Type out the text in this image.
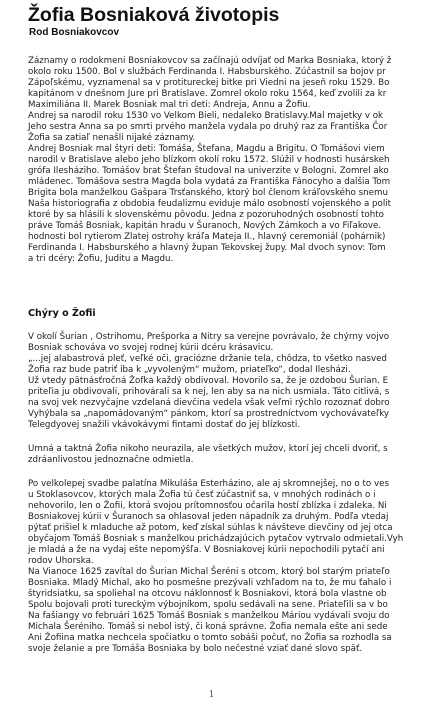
Žofia Bosniaková životopis
Rod Bosniakovcov
Záznamy o rodokmeni Bosniakovcov sa začínajú odvíjať od Marka Bosniaka, ktorý ž
okolo roku 1500. Bol v službách Ferdinanda I. Habsburského. Zúčastnil sa bojov pr
Zápoľskému, vyznamenal sa v protitureckej bitke pri Viedni na jeseň roku 1529. Bo
kapitánom v dnešnom Jure pri Bratislave. Zomrel okolo roku 1564, keď zvolili za kr
Maximiliána II. Marek Bosniak mal tri deti: Andreja, Annu a Žofiu.
Andrej sa narodil roku 1530 vo Velkom Bieli, nedaleko Bratislavy.Mal majetky v ok
Jeho sestra Anna sa po smrti prvého manžela vydala po druhý raz za Františka Čor
Žofia sa zatiaľ nenašli nijaké záznamy.
Andrej Bosniak mal štyri deti: Tomáša, Štefana, Magdu a Brigitu. O Tomášovi viem
narodil v Bratislave alebo jeho blízkom okolí roku 1572. Slúžil v hodnosti husárskeh
grófa Ilesháziho. Tomášov brat Štefan študoval na univerzite v Bologni. Zomrel ako
mládenec. Tomášova sestra Magda bola vydatá za Františka Fánocyho a dalšia Tom
Brigita bola manželkou Gašpara Trsťanského, ktorý bol členom kráľovského snemu
Naša historiografia z obdobia feudalizmu eviduje málo osobností vojenského a polit
ktoré by sa hlásili k slovenskému pôvodu. Jedna z pozoruhodných osobností tohto
práve Tomáš Bosniak, kapitán hradu v Šuranoch, Nových Zámkoch a vo Fiľakove.
hodnosti bol rytierom Zlatej ostrohy kráľa Mateja II., hlavný ceremoniál (pohárnik)
Ferdinanda I. Habsburského a hlavný župan Tekovskej župy. Mal dvoch synov: Tom
a tri dcéry: Žofiu, Juditu a Magdu.
Chýry o Žofii
V okolí Šurian , Ostrihomu, Prešporka a Nitry sa verejne povrávalo, že chýrny vojvo
Bosniak schováva vo svojej rodnej kúrii dcéru krásavicu.
„...jej alabastrová pleť, veľké oči, graciózne držanie tela, chôdza, to všetko nasved
Žofia raz bude patriť iba k „vyvoleným“ mužom, priateľko“, dodal Ilesházi.
Už vtedy pätnásťročná Žofka každý obdivoval. Hovorilo sa, že je ozdobou Šurian. E
priteľia ju obdivovali, prihovárali sa k nej, len aby sa na nich usmiala. Táto citlivá, s
na svoj vek nezvyčajne vzdelaná dievčina vedela však veľmi rýchlo rozoznať dobro
Vyhýbala sa „napomádovaným“ pánkom, ktorí sa prostredníctvom vychovávateľky
Telegdyovej snažili vkávokávymi fintami dostať do jej blízkosti.
Umná a taktná Žofia nikoho neurazila, ale všetkých mužov, ktorí jej chceli dvoriť, s
zdráanlivostou jednoznačne odmietla.
Po velkolepej svadbe palatína Mikuláša Esterházino, ale aj skromnejšej, no o to ves
u Stoklasovcov, ktorých mala Žofia tú česť zúčastniť sa, v mnohých rodinách o i
nehovorilo, len o Žofii, ktorá svojou prítomnosťou očarila hostí zblízka i zdaleka. Ni
Bosniakovej kúrii v Šuranoch sa ohlasoval jeden nápadník za druhým. Podľa vtedaj
pýtať prišiel k mladuche až potom, keď získal súhlas k návšteve dievčiny od jej otca
obyčajom Tomáš Bosniak s manželkou prichádzajúcich pytačov vytrvalo odmietali.Vyh
je mladá a že na vydaj ešte nepomýšľa. V Bosniakovej kúrii nepochodili pytačí ani
rodov Uhorska.
Na Vianoce 1625 zavítal do Šurian Michal Šeréni s otcom, ktorý bol starým priateľo
Bosniaka. Mladý Michal, ako ho posmešne prezývali vzhľadom na to, že mu ťahalo i
štyridsiatku, sa spoliehal na otcovu náklonnosť k Bosniakovi, ktorá bola vlastne ob
Spolu bojovali proti tureckým výbojníkom, spolu sedávali na sene. Priateľili sa v bo
Na fašiangy vo februári 1625 Tomáš Bosniak s manželkou Máriou vydávali svoju do
Michala Šeréniho. Tomáš si nebol istý, či koná správne. Žofia nemala ešte ani sede
Ani Žofiina matka nechcela spočiatku o tomto sobáši počuť, no Žofia sa rozhodla sa
svoje želanie a pre Tomáša Bosniaka by bolo nečestné vziať dané slovo späť.
1
